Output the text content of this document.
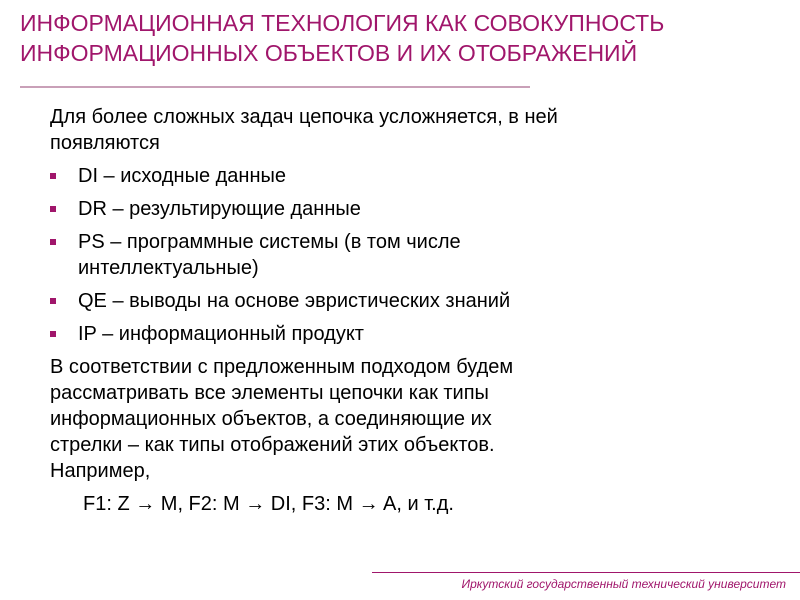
ИНФОРМАЦИОННАЯ ТЕХНОЛОГИЯ КАК СОВОКУПНОСТЬ
ИНФОРМАЦИОННЫХ ОБЪЕКТОВ И ИХ ОТОБРАЖЕНИЙ
Для более сложных задач цепочка усложняется, в ней
появляются
DI – исходные данные
DR – результирующие данные
PS – программные системы (в том числе
интеллектуальные)
QE – выводы на основе эвристических знаний
IP – информационный продукт
В соответствии с предложенным подходом будем
рассматривать все элементы цепочки как типы
информационных объектов, а соединяющие их
стрелки – как типы отображений этих объектов.
Например,
F1: Z → M, F2: M → DI, F3: M → A, и т.д.
Иркутский государственный технический университет
